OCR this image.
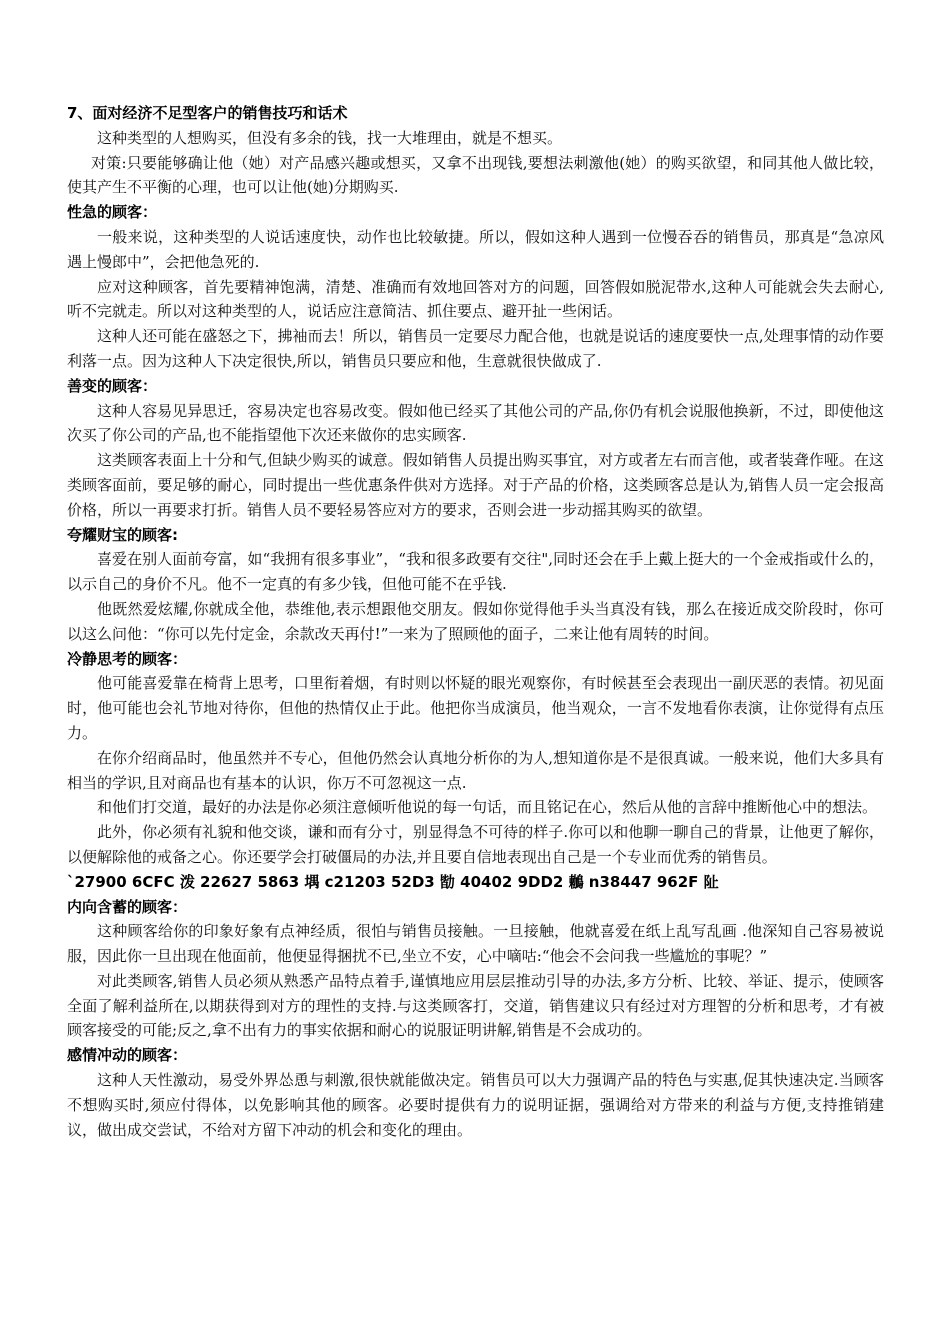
7、面对经济不足型客户的销售技巧和话术

这种类型的人想购买，但没有多余的钱，找一大堆理由，就是不想买。

对策:只要能够确让他（她）对产品感兴趣或想买，又拿不出现钱,要想法刺激他(她）的购买欲望，和同其他人做比较，使其产生不平衡的心理，也可以让他(她)分期购买.

性急的顾客：

一般来说，这种类型的人说话速度快，动作也比较敏捷。所以，假如这种人遇到一位慢吞吞的销售员，那真是“急凉风遇上慢郎中”，会把他急死的.

应对这种顾客，首先要精神饱满，清楚、准确而有效地回答对方的问题，回答假如脱泥带水,这种人可能就会失去耐心,听不完就走。所以对这种类型的人，说话应注意简洁、抓住要点、避开扯一些闲话。

这种人还可能在盛怒之下，拂袖而去！所以，销售员一定要尽力配合他，也就是说话的速度要快一点,处理事情的动作要利落一点。因为这种人下决定很快,所以，销售员只要应和他，生意就很快做成了.

善变的顾客：

这种人容易见异思迁，容易决定也容易改变。假如他已经买了其他公司的产品,你仍有机会说服他换新，不过，即使他这次买了你公司的产品,也不能指望他下次还来做你的忠实顾客.

这类顾客表面上十分和气,但缺少购买的诚意。假如销售人员提出购买事宜，对方或者左右而言他，或者装聋作哑。在这类顾客面前，要足够的耐心，同时提出一些优惠条件供对方选择。对于产品的价格，这类顾客总是认为,销售人员一定会报高价格，所以一再要求打折。销售人员不要轻易答应对方的要求，否则会进一步动摇其购买的欲望。

夸耀财宝的顾客:

喜爱在别人面前夸富，如“我拥有很多事业”，“我和很多政要有交往",同时还会在手上戴上挺大的一个金戒指或什么的，以示自己的身价不凡。他不一定真的有多少钱，但他可能不在乎钱.

他既然爱炫耀,你就成全他，恭维他,表示想跟他交朋友。假如你觉得他手头当真没有钱，那么在接近成交阶段时，你可以这么问他：“你可以先付定金，余款改天再付!”一来为了照顾他的面子，二来让他有周转的时间。

冷静思考的顾客：

他可能喜爱靠在椅背上思考，口里衔着烟，有时则以怀疑的眼光观察你，有时候甚至会表现出一副厌恶的表情。初见面时，他可能也会礼节地对待你，但他的热情仅止于此。他把你当成演员，他当观众，一言不发地看你表演，让你觉得有点压力。

在你介绍商品时，他虽然并不专心，但他仍然会认真地分析你的为人,想知道你是不是很真诚。一般来说，他们大多具有相当的学识,且对商品也有基本的认识，你万不可忽视这一点.

和他们打交道，最好的办法是你必须注意倾听他说的每一句话，而且铭记在心，然后从他的言辞中推断他心中的想法。

此外，你必须有礼貌和他交谈，谦和而有分寸，别显得急不可待的样子.你可以和他聊一聊自己的背景，让他更了解你，以便解除他的戒备之心。你还要学会打破僵局的办法,并且要自信地表现出自己是一个专业而优秀的销售员。

`27900 6CFC 泼 22627 5863 堣 c21203 52D3 勓 40402 9DD2 鶒 n38447 962F 阯

内向含蓄的顾客：

这种顾客给你的印象好象有点神经质，很怕与销售员接触。一旦接触，他就喜爱在纸上乱写乱画 .他深知自己容易被说服，因此你一旦出现在他面前，他便显得捆扰不已,坐立不安，心中嘀咕:“他会不会问我一些尴尬的事呢？”

对此类顾客,销售人员必须从熟悉产品特点着手,谨慎地应用层层推动引导的办法,多方分析、比较、举证、提示，使顾客全面了解利益所在,以期获得到对方的理性的支持.与这类顾客打，交道，销售建议只有经过对方理智的分析和思考，才有被顾客接受的可能;反之,拿不出有力的事实依据和耐心的说服证明讲解,销售是不会成功的。

感情冲动的顾客：

这种人天性激动，易受外界怂恿与刺激,很快就能做决定。销售员可以大力强调产品的特色与实惠,促其快速决定.当顾客不想购买时,须应付得体，以免影响其他的顾客。必要时提供有力的说明证据，强调给对方带来的利益与方便,支持推销建议，做出成交尝试，不给对方留下冲动的机会和变化的理由。
